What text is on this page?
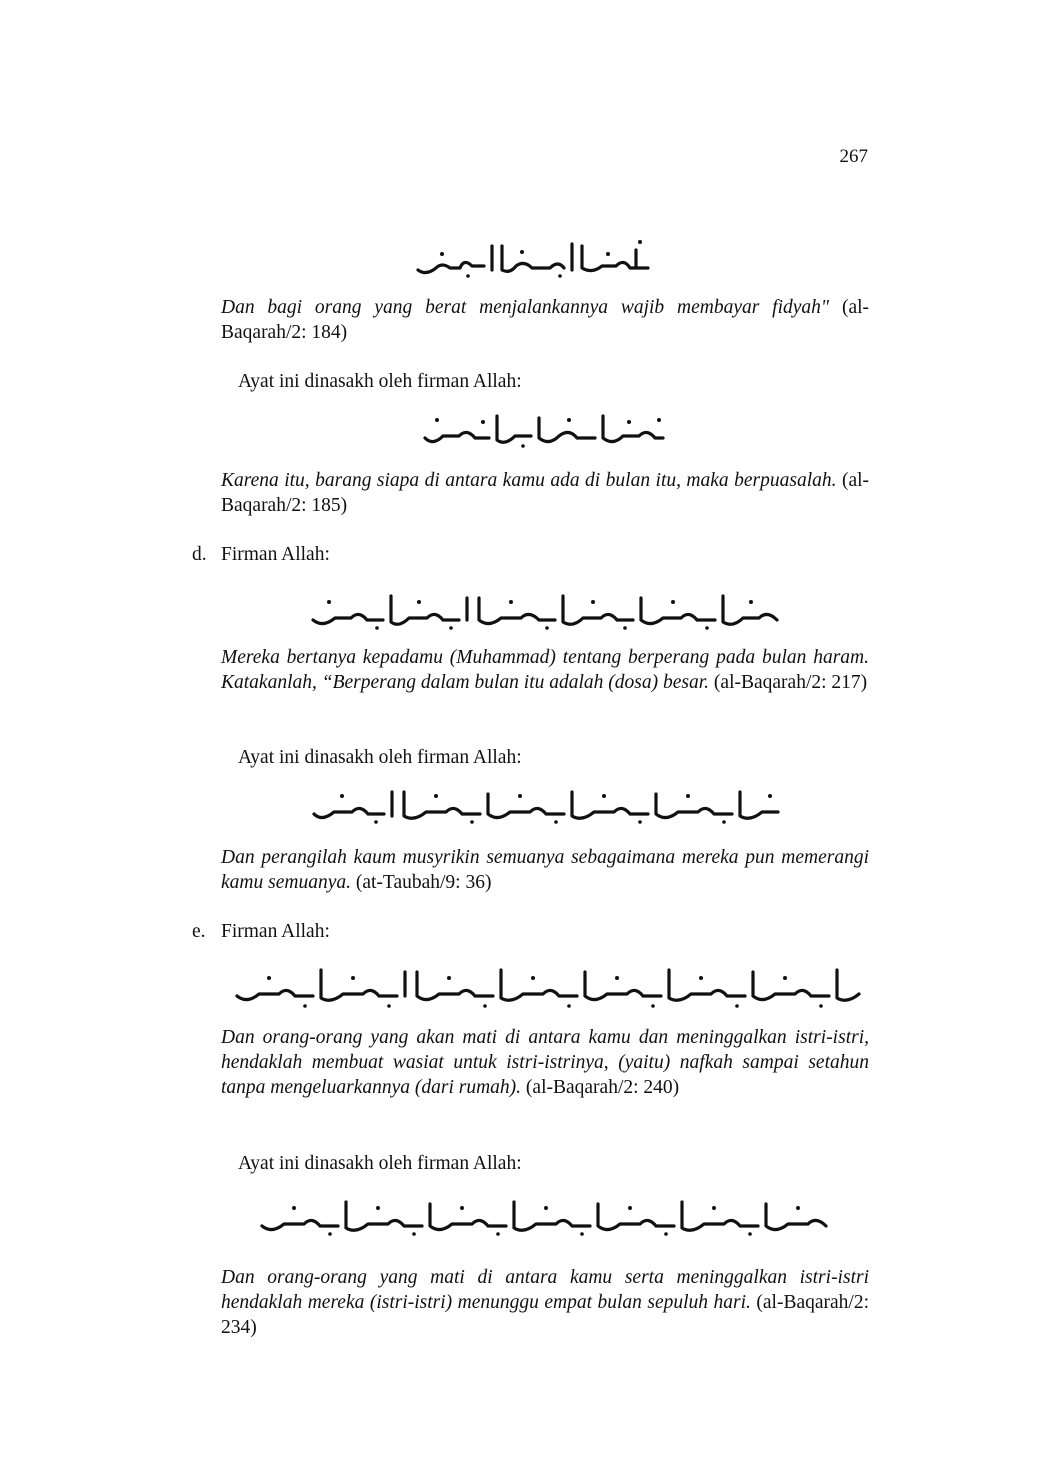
267

Dan bagi orang yang berat menjalankannya wajib membayar fidyah" (al-Baqarah/2: 184)

Ayat ini dinasakh oleh firman Allah:

Karena itu, barang siapa di antara kamu ada di bulan itu, maka berpuasalah. (al-Baqarah/2: 185)

d. Firman Allah:

Mereka bertanya kepadamu (Muhammad) tentang berperang pada bulan haram. Katakanlah, “Berperang dalam bulan itu adalah (dosa) besar. (al-Baqarah/2: 217)

Ayat ini dinasakh oleh firman Allah:

Dan perangilah kaum musyrikin semuanya sebagaimana mereka pun memerangi kamu semuanya. (at-Taubah/9: 36)

e. Firman Allah:

Dan orang-orang yang akan mati di antara kamu dan meninggalkan istri-istri, hendaklah membuat wasiat untuk istri-istrinya, (yaitu) nafkah sampai setahun tanpa mengeluarkannya (dari rumah). (al-Baqarah/2: 240)

Ayat ini dinasakh oleh firman Allah:

Dan orang-orang yang mati di antara kamu serta meninggalkan istri-istri hendaklah mereka (istri-istri) menunggu empat bulan sepuluh hari. (al-Baqarah/2: 234)
